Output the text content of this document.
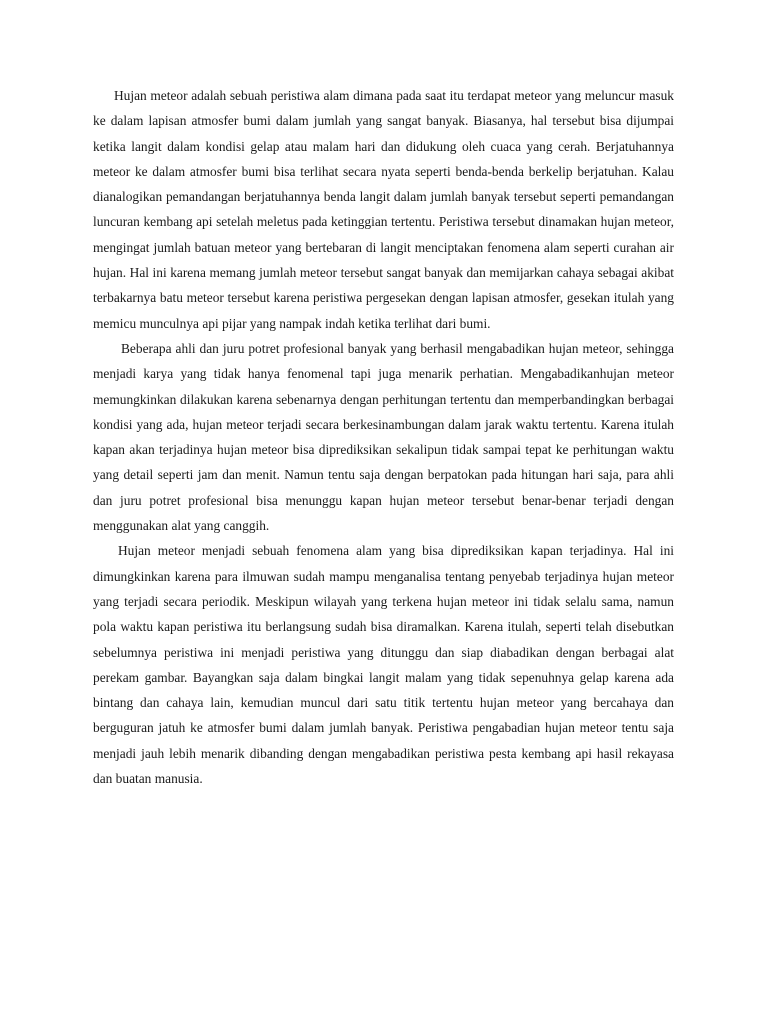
Hujan meteor adalah sebuah peristiwa alam dimana pada saat itu terdapat meteor yang meluncur masuk ke dalam lapisan atmosfer bumi dalam jumlah yang sangat banyak. Biasanya, hal tersebut bisa dijumpai ketika langit dalam kondisi gelap atau malam hari dan didukung oleh cuaca yang cerah. Berjatuhannya meteor ke dalam atmosfer bumi bisa terlihat secara nyata seperti benda-benda berkelip berjatuhan. Kalau dianalogikan pemandangan berjatuhannya benda langit dalam jumlah banyak tersebut seperti pemandangan luncuran kembang api setelah meletus pada ketinggian tertentu. Peristiwa tersebut dinamakan hujan meteor, mengingat jumlah batuan meteor yang bertebaran di langit menciptakan fenomena alam seperti curahan air hujan. Hal ini karena memang jumlah meteor tersebut sangat banyak dan memijarkan cahaya sebagai akibat terbakarnya batu meteor tersebut karena peristiwa pergesekan dengan lapisan atmosfer, gesekan itulah yang memicu munculnya api pijar yang nampak indah ketika terlihat dari bumi.

Beberapa ahli dan juru potret profesional banyak yang berhasil mengabadikan hujan meteor, sehingga menjadi karya yang tidak hanya fenomenal tapi juga menarik perhatian. Mengabadikanhujan meteor memungkinkan dilakukan karena sebenarnya dengan perhitungan tertentu dan memperbandingkan berbagai kondisi yang ada, hujan meteor terjadi secara berkesinambungan dalam jarak waktu tertentu. Karena itulah kapan akan terjadinya hujan meteor bisa diprediksikan sekalipun tidak sampai tepat ke perhitungan waktu yang detail seperti jam dan menit. Namun tentu saja dengan berpatokan pada hitungan hari saja, para ahli dan juru potret profesional bisa menunggu kapan hujan meteor tersebut benar-benar terjadi dengan menggunakan alat yang canggih.

Hujan meteor menjadi sebuah fenomena alam yang bisa diprediksikan kapan terjadinya. Hal ini dimungkinkan karena para ilmuwan sudah mampu menganalisa tentang penyebab terjadinya hujan meteor yang terjadi secara periodik. Meskipun wilayah yang terkena hujan meteor ini tidak selalu sama, namun pola waktu kapan peristiwa itu berlangsung sudah bisa diramalkan. Karena itulah, seperti telah disebutkan sebelumnya peristiwa ini menjadi peristiwa yang ditunggu dan siap diabadikan dengan berbagai alat perekam gambar. Bayangkan saja dalam bingkai langit malam yang tidak sepenuhnya gelap karena ada bintang dan cahaya lain, kemudian muncul dari satu titik tertentu hujan meteor yang bercahaya dan berguguran jatuh ke atmosfer bumi dalam jumlah banyak. Peristiwa pengabadian hujan meteor tentu saja menjadi jauh lebih menarik dibanding dengan mengabadikan peristiwa pesta kembang api hasil rekayasa dan buatan manusia.
